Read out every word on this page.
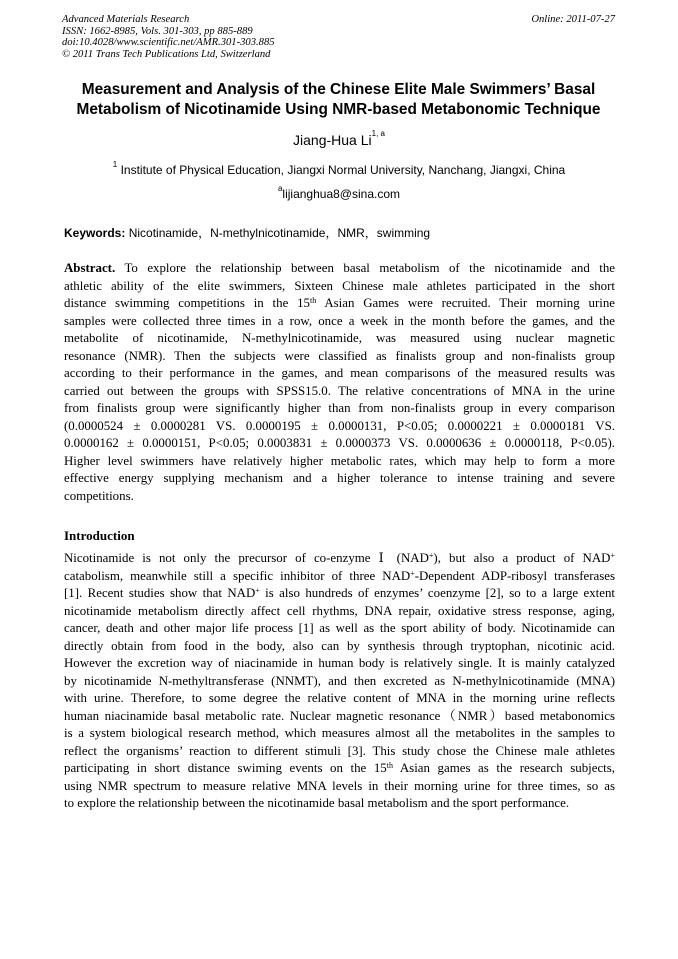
Advanced Materials Research
ISSN: 1662-8985, Vols. 301-303, pp 885-889
doi:10.4028/www.scientific.net/AMR.301-303.885
© 2011 Trans Tech Publications Ltd, Switzerland
Online: 2011-07-27
Measurement and Analysis of the Chinese Elite Male Swimmers’ Basal
Metabolism of Nicotinamide Using NMR-based Metabonomic Technique
Jiang-Hua Li$^{1, a}$
$^1$ Institute of Physical Education, Jiangxi Normal University, Nanchang, Jiangxi, China
$^a$lijianghua8@sina.com
Keywords: Nicotinamide，N-methylnicotinamide，NMR，swimming
Abstract. To explore the relationship between basal metabolism of the nicotinamide and the
athletic ability of the elite swimmers, Sixteen Chinese male athletes participated in the short
distance swimming competitions in the 15th Asian Games were recruited. Their morning urine
samples were collected three times in a row, once a week in the month before the games, and the
metabolite of nicotinamide, N-methylnicotinamide, was measured using nuclear magnetic
resonance (NMR). Then the subjects were classified as finalists group and non-finalists group
according to their performance in the games, and mean comparisons of the measured results was
carried out between the groups with SPSS15.0. The relative concentrations of MNA in the urine
from finalists group were significantly higher than from non-finalists group in every comparison
(0.0000524 ± 0.0000281 VS. 0.0000195 ± 0.0000131, P<0.05; 0.0000221 ± 0.0000181 VS.
0.0000162 ± 0.0000151, P<0.05; 0.0003831 ± 0.0000373 VS. 0.0000636 ± 0.0000118, P<0.05).
Higher level swimmers have relatively higher metabolic rates, which may help to form a more
effective energy supplying mechanism and a higher tolerance to intense training and severe
competitions.
Introduction
Nicotinamide is not only the precursor of co-enzyme Ⅰ (NAD+), but also a product of NAD+
catabolism, meanwhile still a specific inhibitor of three NAD+-Dependent ADP-ribosyl transferases
[1]. Recent studies show that NAD+ is also hundreds of enzymes’ coenzyme [2], so to a large extent
nicotinamide metabolism directly affect cell rhythms, DNA repair, oxidative stress response, aging,
cancer, death and other major life process [1] as well as the sport ability of body. Nicotinamide can
directly obtain from food in the body, also can by synthesis through tryptophan, nicotinic acid.
However the excretion way of niacinamide in human body is relatively single. It is mainly catalyzed
by nicotinamide N-methyltransferase (NNMT), and then excreted as N-methylnicotinamide (MNA)
with urine. Therefore, to some degree the relative content of MNA in the morning urine reflects
human niacinamide basal metabolic rate. Nuclear magnetic resonance（NMR）based metabonomics
is a system biological research method, which measures almost all the metabolites in the samples to
reflect the organisms’ reaction to different stimuli [3]. This study chose the Chinese male athletes
participating in short distance swiming events on the 15th Asian games as the research subjects,
using NMR spectrum to measure relative MNA levels in their morning urine for three times, so as
to explore the relationship between the nicotinamide basal metabolism and the sport performance.
